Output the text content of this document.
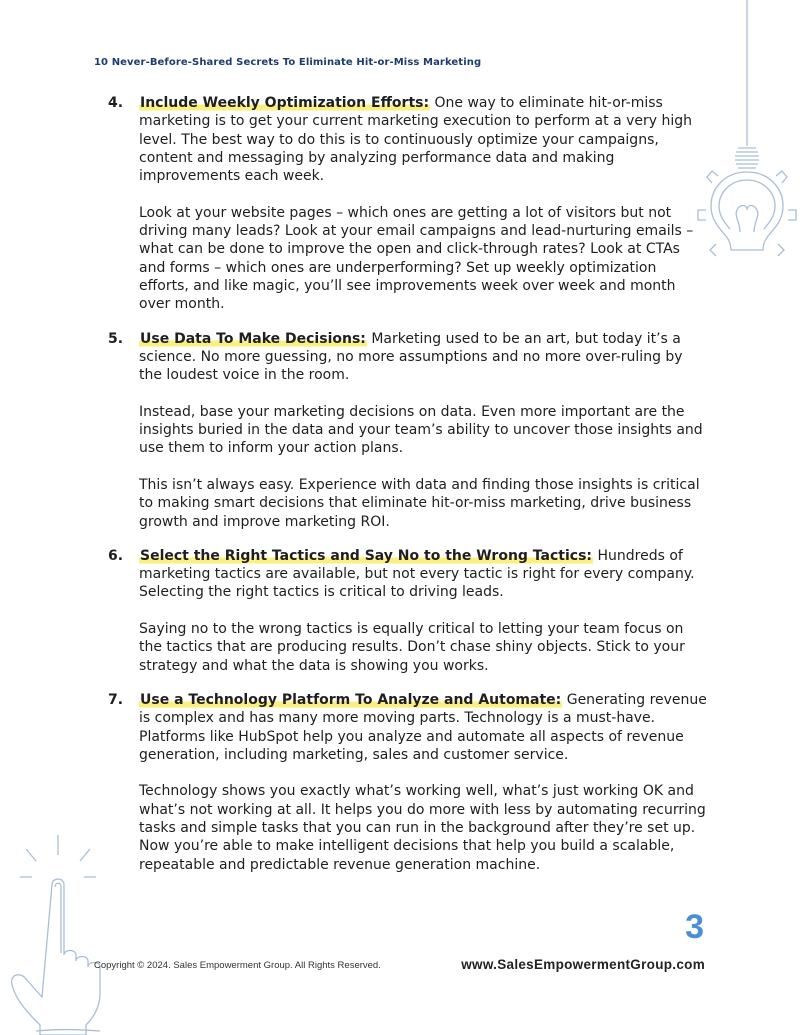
10 Never-Before-Shared Secrets To Eliminate Hit-or-Miss Marketing
4.	Include Weekly Optimization Efforts: One way to eliminate hit-or-miss marketing is to get your current marketing execution to perform at a very high level. The best way to do this is to continuously optimize your campaigns, content and messaging by analyzing performance data and making improvements each week.

Look at your website pages – which ones are getting a lot of visitors but not driving many leads? Look at your email campaigns and lead-nurturing emails – what can be done to improve the open and click-through rates? Look at CTAs and forms – which ones are underperforming? Set up weekly optimization efforts, and like magic, you’ll see improvements week over week and month over month.

5.	Use Data To Make Decisions: Marketing used to be an art, but today it’s a science. No more guessing, no more assumptions and no more over-ruling by the loudest voice in the room.

Instead, base your marketing decisions on data. Even more important are the insights buried in the data and your team’s ability to uncover those insights and use them to inform your action plans.

This isn’t always easy. Experience with data and finding those insights is critical to making smart decisions that eliminate hit-or-miss marketing, drive business growth and improve marketing ROI.

6.	Select the Right Tactics and Say No to the Wrong Tactics: Hundreds of marketing tactics are available, but not every tactic is right for every company. Selecting the right tactics is critical to driving leads.

Saying no to the wrong tactics is equally critical to letting your team focus on the tactics that are producing results. Don’t chase shiny objects. Stick to your strategy and what the data is showing you works.

7.	Use a Technology Platform To Analyze and Automate: Generating revenue is complex and has many more moving parts. Technology is a must-have. Platforms like HubSpot help you analyze and automate all aspects of revenue generation, including marketing, sales and customer service.

Technology shows you exactly what’s working well, what’s just working OK and what’s not working at all. It helps you do more with less by automating recurring tasks and simple tasks that you can run in the background after they’re set up. Now you’re able to make intelligent decisions that help you build a scalable, repeatable and predictable revenue generation machine.

3
Copyright © 2024. Sales Empowerment Group. All Rights Reserved.	www.SalesEmpowermentGroup.com
